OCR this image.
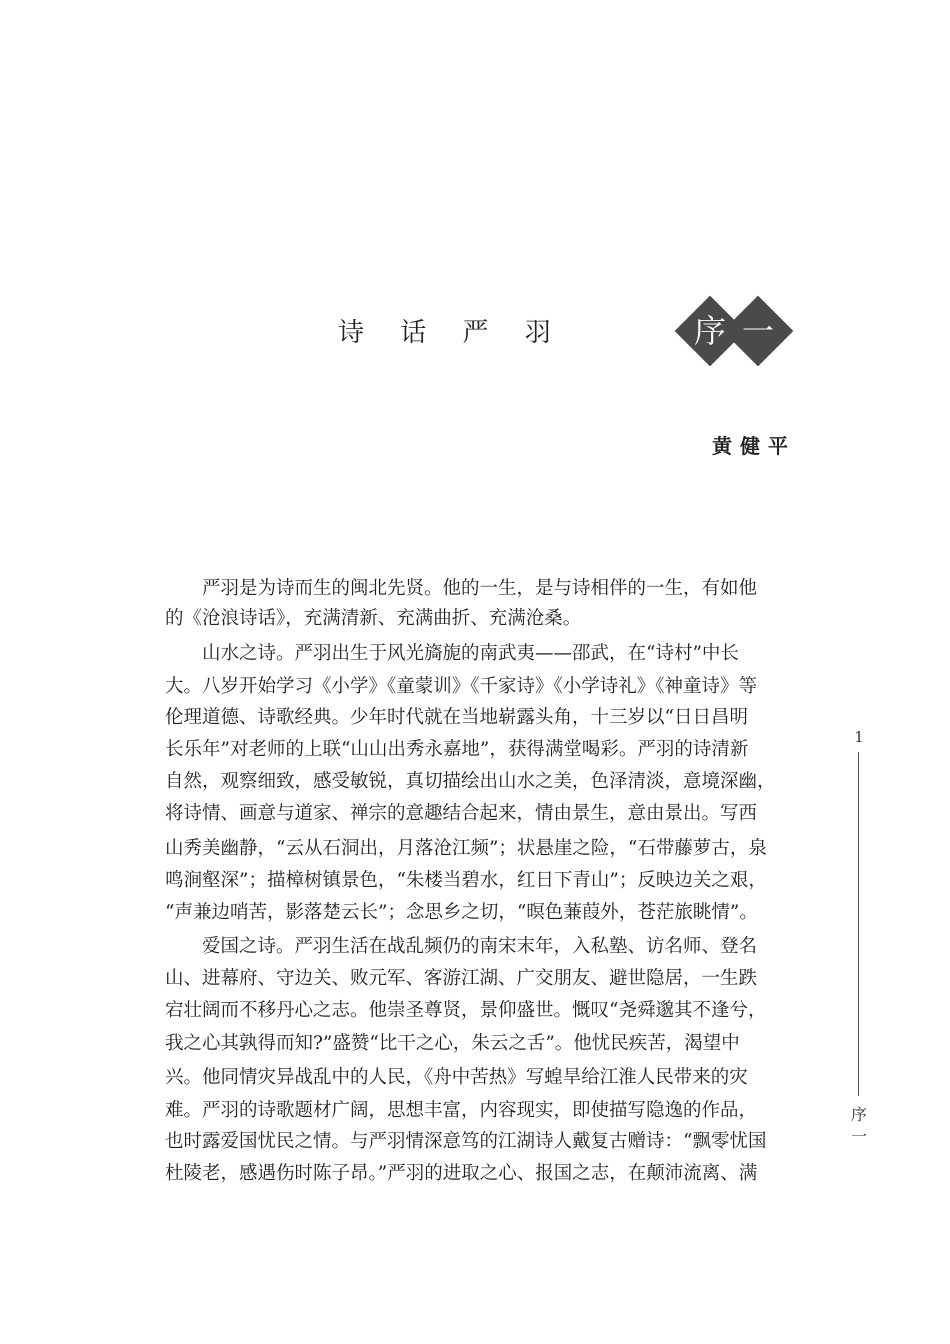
诗 话 严 羽	序 一
黄健平
　　严羽是为诗而生的闽北先贤。他的一生，是与诗相伴的一生，有如他
的《沧浪诗话》，充满清新、充满曲折、充满沧桑。
　　山水之诗。严羽出生于风光旖旎的南武夷——邵武，在“诗村”中长
大。八岁开始学习《小学》《童蒙训》《千家诗》《小学诗礼》《神童诗》等
伦理道德、诗歌经典。少年时代就在当地崭露头角，十三岁以“日日昌明
长乐年”对老师的上联“山山出秀永嘉地”，获得满堂喝彩。严羽的诗清新
自然，观察细致，感受敏锐，真切描绘出山水之美，色泽清淡，意境深幽，
将诗情、画意与道家、禅宗的意趣结合起来，情由景生，意由景出。写西
山秀美幽静，“云从石洞出，月落沧江频”；状悬崖之险，“石带藤萝古，泉
鸣涧壑深”；描樟树镇景色，“朱楼当碧水，红日下青山”；反映边关之艰，
“声兼边哨苦，影落楚云长”；念思乡之切，“暝色蒹葭外，苍茫旅眺情”。
　　爱国之诗。严羽生活在战乱频仍的南宋末年，入私塾、访名师、登名
山、进幕府、守边关、败元军、客游江湖、广交朋友、避世隐居，一生跌
宕壮阔而不移丹心之志。他崇圣尊贤，景仰盛世。慨叹“尧舜邈其不逢兮，
我之心其孰得而知?”盛赞“比干之心，朱云之舌”。他忧民疾苦，渴望中
兴。他同情灾异战乱中的人民，《舟中苦热》写蝗旱给江淮人民带来的灾
难。严羽的诗歌题材广阔，思想丰富，内容现实，即使描写隐逸的作品，
也时露爱国忧民之情。与严羽情深意笃的江湖诗人戴复古赠诗：“飘零忧国
杜陵老，感遇伤时陈子昂。”严羽的进取之心、报国之志，在颠沛流离、满
1
序一
